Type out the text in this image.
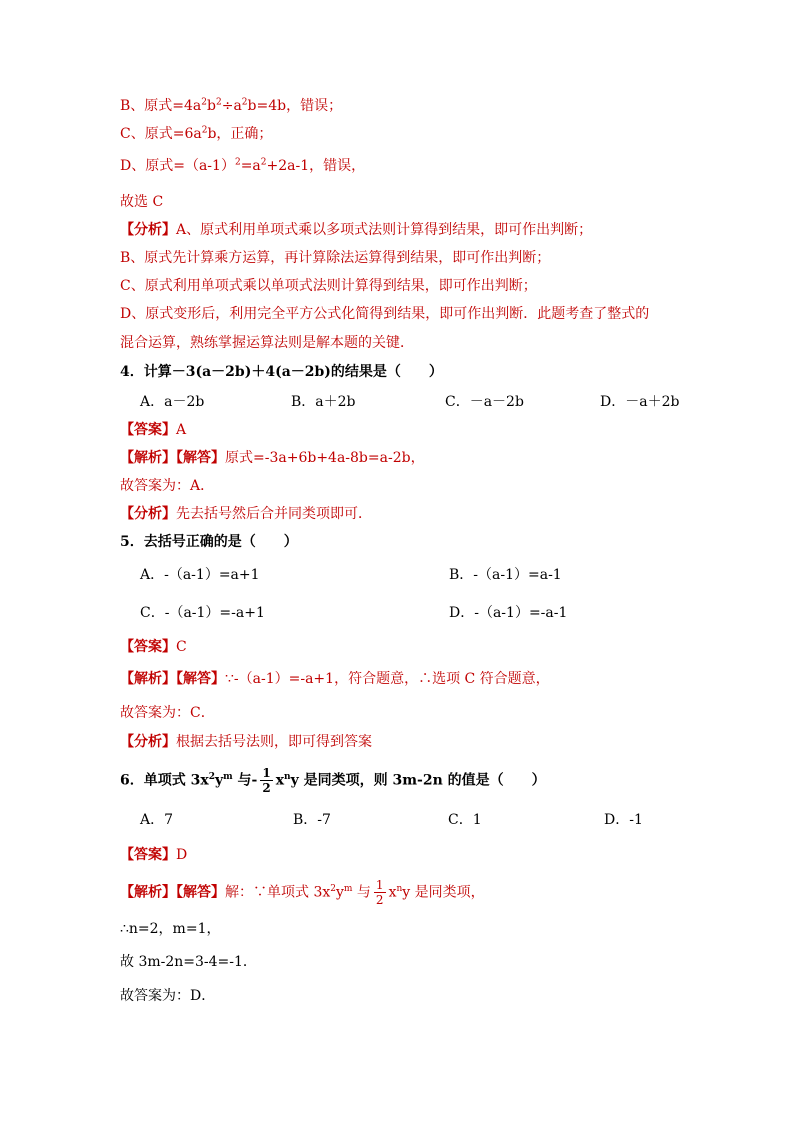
B、原式$=4a^2b^2\div a^2b=4b$，错误；
C、原式$=6a^2b$，正确；
D、原式$=(a-1)^2=a^2+2a-1$，错误，
故选 C
【分析】A、原式利用单项式乘以多项式法则计算得到结果，即可作出判断；
B、原式先计算乘方运算，再计算除法运算得到结果，即可作出判断；
C、原式利用单项式乘以单项式法则计算得到结果，即可作出判断；
D、原式变形后，利用完全平方公式化简得到结果，即可作出判断．此题考查了整式的
混合运算，熟练掌握运算法则是解本题的关键．
4．计算－3(a－2b)＋4(a－2b)的结果是（　　）
A．a－2b	B．a＋2b	C．－a－2b	D．－a＋2b
【答案】A
【解析】【解答】原式=-3a+6b+4a-8b=a-2b，
故答案为：A．
【分析】先去括号然后合并同类项即可．
5．去括号正确的是（　　）
A．-（a-1）=a+1	B．-（a-1）=a-1
C．-（a-1）=-a+1	D．-（a-1）=-a-1
【答案】C
【解析】【解答】∵-（a-1）=-a+1，符合题意，∴选项 C 符合题意，
故答案为：C．
【分析】根据去括号法则，即可得到答案
6．单项式 $3x^2y^m$ 与- $\frac{1}{2} x^ny$ 是同类项，则 3m-2n 的值是（　　）
A．7	B．-7	C．1	D．-1
【答案】D
【解析】【解答】解：∵单项式 $3x^2y^m$ 与 $\frac{1}{2} x^ny$ 是同类项，
∴n=2，m=1，
故 3m-2n=3-4=-1．
故答案为：D．
